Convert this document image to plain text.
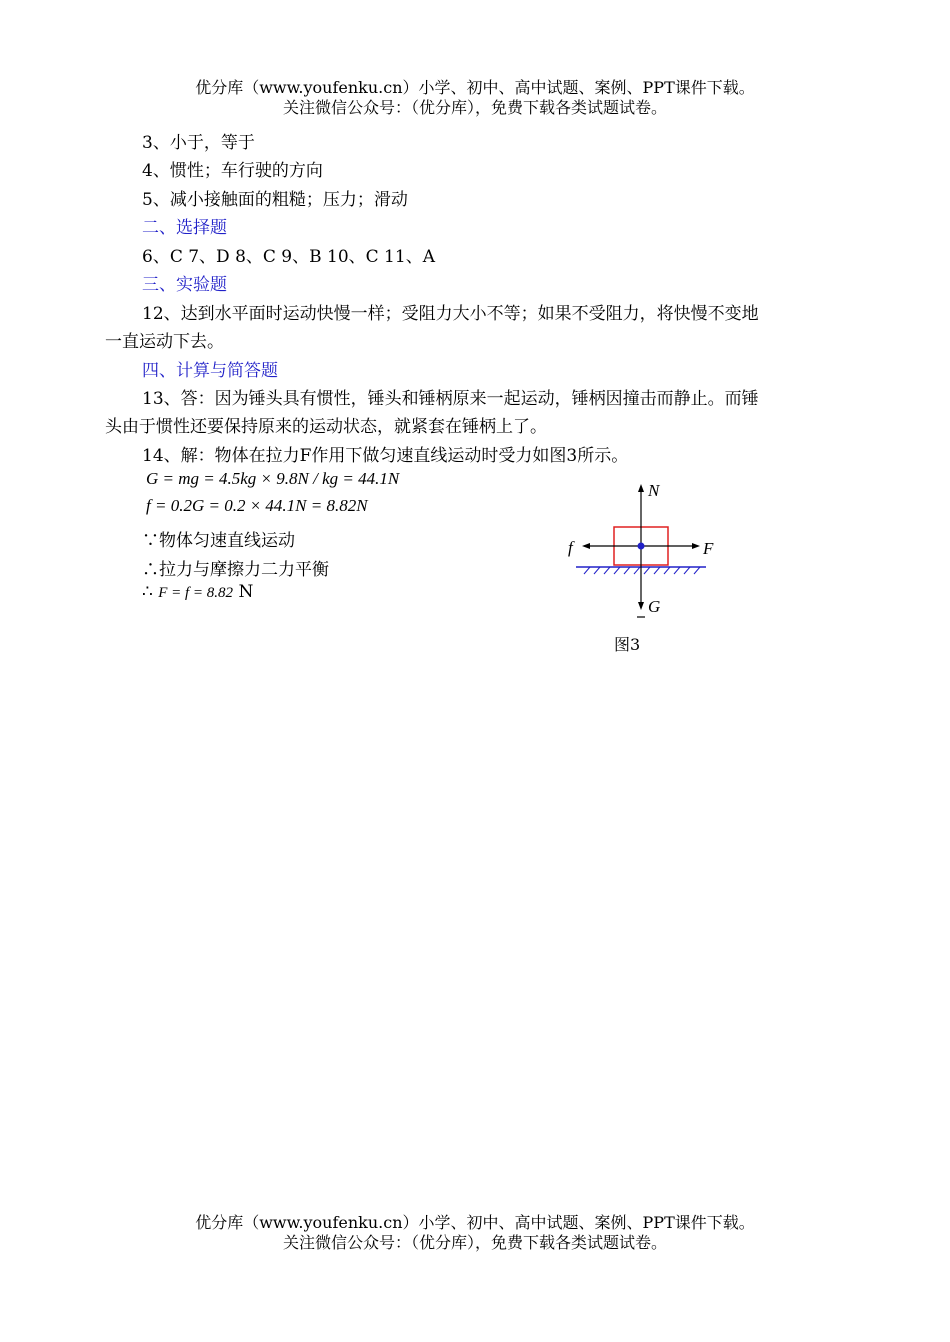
优分库（www.youfenku.cn）小学、初中、高中试题、案例、PPT课件下载。
关注微信公众号：（优分库），免费下载各类试题试卷。
3、小于，等于
4、惯性；车行驶的方向
5、减小接触面的粗糙；压力；滑动
二、选择题
6、C 7、D 8、C 9、B 10、C 11、A
三、实验题
12、达到水平面时运动快慢一样；受阻力大小不等；如果不受阻力，将快慢不变地
一直运动下去。
四、计算与简答题
13、答：因为锤头具有惯性，锤头和锤柄原来一起运动，锤柄因撞击而静止。而锤
头由于惯性还要保持原来的运动状态，就紧套在锤柄上了。
14、解：物体在拉力F作用下做匀速直线运动时受力如图3所示。
G = mg = 4.5kg × 9.8N / kg = 44.1N
f = 0.2G = 0.2 × 44.1N = 8.82N
∵物体匀速直线运动
∴拉力与摩擦力二力平衡
∴ F = f = 8.82 N
N
G
f	F
图3
优分库（www.youfenku.cn）小学、初中、高中试题、案例、PPT课件下载。
关注微信公众号：（优分库），免费下载各类试题试卷。
